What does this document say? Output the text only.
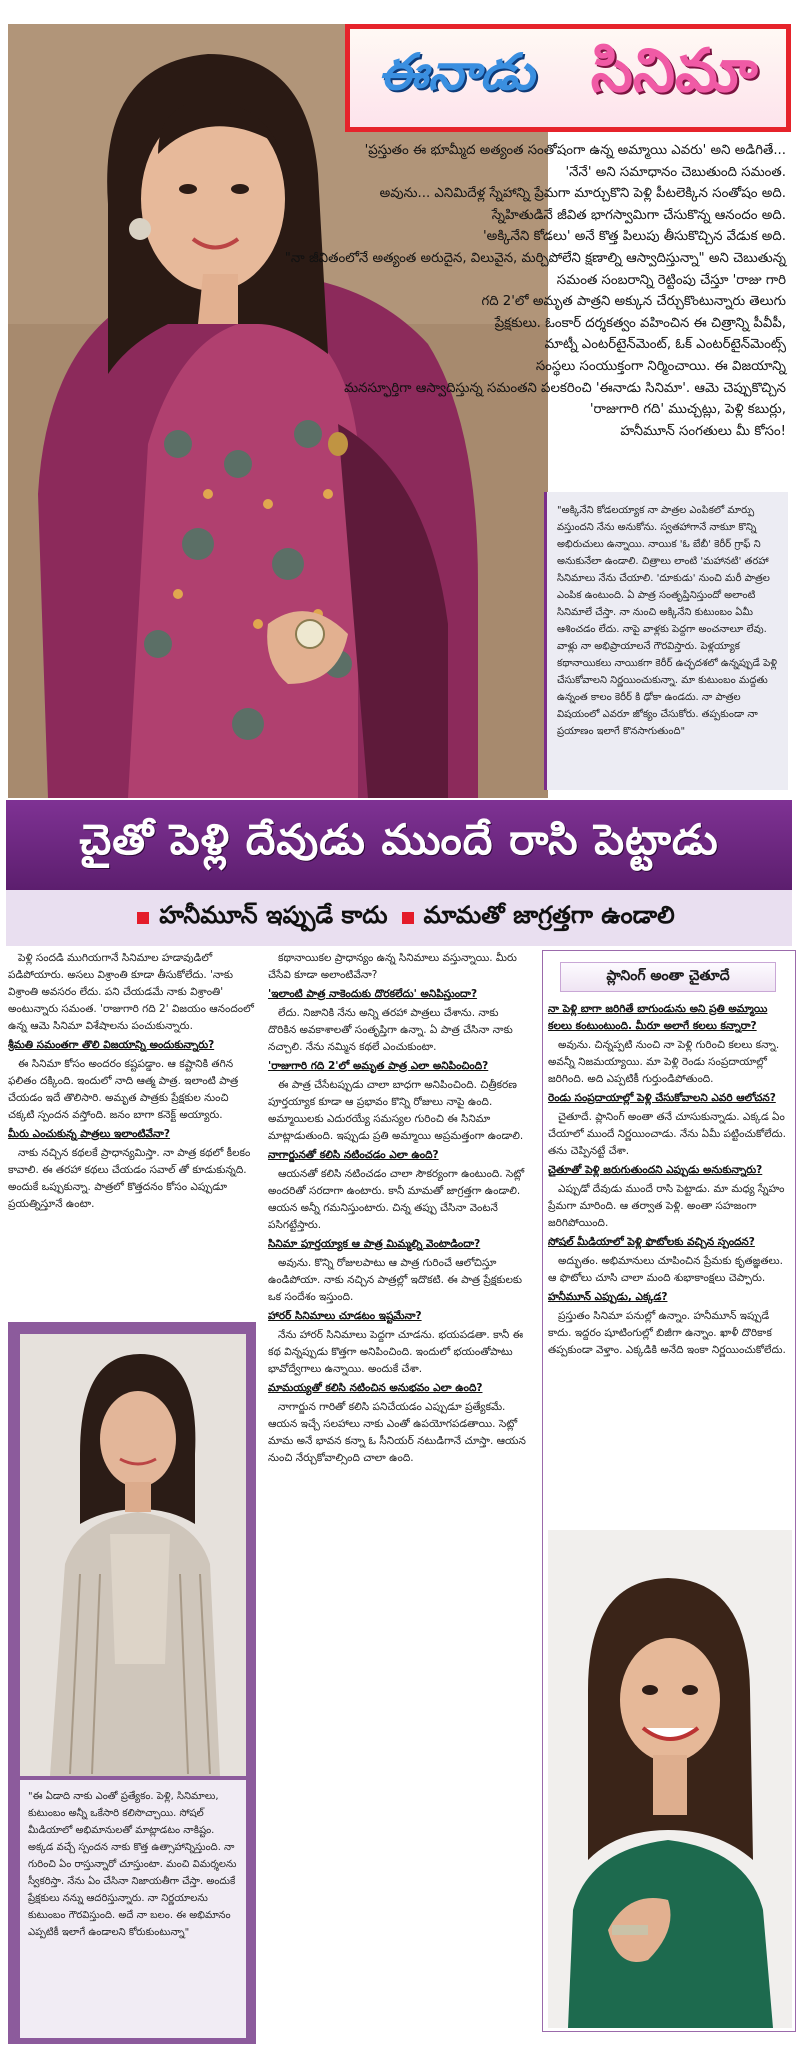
ఈనాడు సినిమా
'ప్రస్తుతం ఈ భూమ్మీద అత్యంత సంతోషంగా ఉన్న అమ్మాయి ఎవరు' అని అడిగితే...
'నేనే' అని సమాధానం చెబుతుంది సమంత.
అవును... ఎనిమిదేళ్ల స్నేహాన్ని ప్రేమగా మార్చుకొని పెళ్లి పీటలెక్కిన సంతోషం అది.
స్నేహితుడినే జీవిత భాగస్వామిగా చేసుకొన్న ఆనందం అది.
'అక్కినేని కోడలు' అనే కొత్త పిలుపు తీసుకొచ్చిన వేడుక అది.
"నా జీవితంలోనే అత్యంత అరుదైన, విలువైన, మర్చిపోలేని క్షణాల్ని ఆస్వాదిస్తున్నా" అని చెబుతున్న సమంత సంబరాన్ని రెట్టింపు చేస్తూ 'రాజు గారి
గది 2'లో అమృత పాత్రని అక్కున చేర్చుకొంటున్నారు తెలుగు
ప్రేక్షకులు. ఓంకార్ దర్శకత్వం వహించిన ఈ చిత్రాన్ని పీవీపీ,
మాట్నీ ఎంటర్‌టైన్‌మెంట్, ఓక్ ఎంటర్‌టైన్‌మెంట్స్
సంస్థలు సంయుక్తంగా నిర్మించాయి. ఈ విజయాన్ని
మనస్ఫూర్తిగా ఆస్వాదిస్తున్న సమంతని పలకరించి 'ఈనాడు సినిమా'. ఆమె చెప్పుకొచ్చిన
'రాజుగారి గది' ముచ్చట్లు, పెళ్లి కబుర్లు,
హనీమూన్ సంగతులు మీ కోసం!
"అక్కినేని కోడలయ్యాక నా పాత్రల ఎంపికలో మార్పు వస్తుందని నేను అనుకోను. స్వతహాగానే నాకుూ కొన్ని అభిరుచులు ఉన్నాయి. నాయిక 'ఓ బేబీ' కెరీర్ గ్రాఫ్ ని అనుకునేలా ఉండాలి. చిత్రాలు లాంటి 'మహానటి' తరహా సినిమాలు నేను చేయాలి. 'దూకుడు' నుంచి మరీ పాత్రల ఎంపిక ఉంటుంది. ఏ పాత్ర సంతృప్తినిస్తుందో అలాంటి సినిమాలే చేస్తా. నా నుంచి అక్కినేని కుటుంబం ఏమీ ఆశించడం లేదు. నాపై వాళ్లకు పెద్దగా అంచనాలూ లేవు. వాళ్లు నా అభిప్రాయాలనే గౌరవిస్తారు. పెళ్లయ్యాక కథానాయికలు నాయికగా కెరీర్ ఉచ్ఛదశలో ఉన్నప్పుడే పెళ్లి చేసుకోవాలని నిర్ణయించుకున్నా. మా కుటుంబం మద్దతు ఉన్నంత కాలం కెరీర్ కి ఢోకా ఉండదు. నా పాత్రల విషయంలో ఎవరూ జోక్యం చేసుకోరు. తప్పకుండా నా ప్రయాణం ఇలాగే కొనసాగుతుంది"
చైతో పెళ్లి దేవుడు ముందే రాసి పెట్టాడు
హనీమూన్ ఇప్పుడే కాదు మామతో జాగ్రత్తగా ఉండాలి

పెళ్లి సందడి ముగియగానే సినిమాల హడావుడిలో పడిపోయారు. అసలు విశ్రాంతి కూడా తీసుకోలేదు. 'నాకు విశ్రాంతి అవసరం లేదు. పని చేయడమే నాకు విశ్రాంతి' అంటున్నారు సమంత. 'రాజుగారి గది 2' విజయం ఆనందంలో ఉన్న ఆమె సినిమా విశేషాలను పంచుకున్నారు.

శ్రీమతి సమంతగా తొలి విజయాన్ని అందుకున్నారు?

ఈ సినిమా కోసం అందరం కష్టపడ్డాం. ఆ కష్టానికి తగిన ఫలితం దక్కింది. ఇందులో నాది ఆత్మ పాత్ర. ఇలాంటి పాత్ర చేయడం ఇదే తొలిసారి. అమృత పాత్రకు ప్రేక్షకుల నుంచి చక్కటి స్పందన వస్తోంది. జనం బాగా కనెక్ట్ అయ్యారు.

మీరు ఎంచుకున్న పాత్రలు ఇలాంటివేనా?

నాకు నచ్చిన కథలకే ప్రాధాన్యమిస్తా. నా పాత్ర కథలో కీలకం కావాలి. ఈ తరహా కథలు చేయడం సవాల్ తో కూడుకున్నది. అందుకే ఒప్పుకున్నా. పాత్రలో కొత్తదనం కోసం ఎప్పుడూ ప్రయత్నిస్తూనే ఉంటా.

"ఈ ఏడాది నాకు ఎంతో ప్రత్యేకం. పెళ్లి, సినిమాలు, కుటుంబం అన్నీ ఒకేసారి కలిసొచ్చాయి. సోషల్ మీడియాలో అభిమానులతో మాట్లాడటం నాకిష్టం. అక్కడ వచ్చే స్పందన నాకు కొత్త ఉత్సాహాన్నిస్తుంది. నా గురించి ఏం రాస్తున్నారో చూస్తుంటా. మంచి విమర్శలను స్వీకరిస్తా. నేను ఏం చేసినా నిజాయతీగా చేస్తా. అందుకే ప్రేక్షకులు నన్ను ఆదరిస్తున్నారు. నా నిర్ణయాలను కుటుంబం గౌరవిస్తుంది. అదే నా బలం. ఈ అభిమానం ఎప్పటికీ ఇలాగే ఉండాలని కోరుకుంటున్నా"

కథానాయికల ప్రాధాన్యం ఉన్న సినిమాలు వస్తున్నాయి. మీరు చేసేవి కూడా అలాంటివేనా?

'ఇలాంటి పాత్ర నాకెందుకు దొరకలేదు' అనిపిస్తుందా?

లేదు. నిజానికి నేను అన్ని తరహా పాత్రలు చేశాను. నాకు దొరికిన అవకాశాలతో సంతృప్తిగా ఉన్నా. ఏ పాత్ర చేసినా నాకు నచ్చాలి. నేను నమ్మిన కథలే ఎంచుకుంటా.

'రాజుగారి గది 2'లో అమృత పాత్ర ఎలా అనిపించింది?

ఈ పాత్ర చేసేటప్పుడు చాలా బాధగా అనిపించింది. చిత్రీకరణ పూర్తయ్యాక కూడా ఆ ప్రభావం కొన్ని రోజులు నాపై ఉంది. అమ్మాయిలకు ఎదురయ్యే సమస్యల గురించి ఈ సినిమా మాట్లాడుతుంది. ఇప్పుడు ప్రతి అమ్మాయి అప్రమత్తంగా ఉండాలి.

నాగార్జునతో కలిసి నటించడం ఎలా ఉంది?

ఆయనతో కలిసి నటించడం చాలా సౌకర్యంగా ఉంటుంది. సెట్లో అందరితో సరదాగా ఉంటారు. కానీ మామతో జాగ్రత్తగా ఉండాలి. ఆయన అన్నీ గమనిస్తుంటారు. చిన్న తప్పు చేసినా వెంటనే పసిగట్టేస్తారు.

సినిమా పూర్తయ్యాక ఆ పాత్ర మిమ్మల్ని వెంటాడిందా?

అవును. కొన్ని రోజులపాటు ఆ పాత్ర గురించే ఆలోచిస్తూ ఉండిపోయా. నాకు నచ్చిన పాత్రల్లో ఇదొకటి. ఈ పాత్ర ప్రేక్షకులకు ఒక సందేశం ఇస్తుంది.

హారర్ సినిమాలు చూడటం ఇష్టమేనా?

నేను హారర్ సినిమాలు పెద్దగా చూడను. భయపడతా. కానీ ఈ కథ విన్నప్పుడు కొత్తగా అనిపించింది. ఇందులో భయంతోపాటు భావోద్వేగాలు ఉన్నాయి. అందుకే చేశా.

మామయ్యతో కలిసి నటించిన అనుభవం ఎలా ఉంది?

నాగార్జున గారితో కలిసి పనిచేయడం ఎప్పుడూ ప్రత్యేకమే. ఆయన ఇచ్చే సలహాలు నాకు ఎంతో ఉపయోగపడతాయి. సెట్లో మామ అనే భావన కన్నా ఓ సీనియర్ నటుడిగానే చూస్తా. ఆయన నుంచి నేర్చుకోవాల్సింది చాలా ఉంది.

ప్లానింగ్ అంతా చైతూదే

నా పెళ్లి బాగా జరిగితే బాగుండును అని ప్రతి అమ్మాయి కలలు కంటుంటుంది. మీరూ అలాగే కలలు కన్నారా?

అవును. చిన్నప్పటి నుంచి నా పెళ్లి గురించి కలలు కన్నా. అవన్నీ నిజమయ్యాయి. మా పెళ్లి రెండు సంప్రదాయాల్లో జరిగింది. అది ఎప్పటికీ గుర్తుండిపోతుంది.

రెండు సంప్రదాయాల్లో పెళ్లి చేసుకోవాలని ఎవరి ఆలోచన?

చైతూదే. ప్లానింగ్ అంతా తనే చూసుకున్నాడు. ఎక్కడ ఏం చేయాలో ముందే నిర్ణయించాడు. నేను ఏమీ పట్టించుకోలేదు. తను చెప్పినట్టే చేశా.

చైతూతో పెళ్లి జరుగుతుందని ఎప్పుడు అనుకున్నారు?

ఎప్పుడో దేవుడు ముందే రాసి పెట్టాడు. మా మధ్య స్నేహం ప్రేమగా మారింది. ఆ తర్వాత పెళ్లి. అంతా సహజంగా జరిగిపోయింది.

సోషల్ మీడియాలో పెళ్లి ఫొటోలకు వచ్చిన స్పందన?

అద్భుతం. అభిమానులు చూపించిన ప్రేమకు కృతజ్ఞతలు. ఆ ఫొటోలు చూసి చాలా మంది శుభాకాంక్షలు చెప్పారు.

హనీమూన్ ఎప్పుడు, ఎక్కడ?

ప్రస్తుతం సినిమా పనుల్లో ఉన్నాం. హనీమూన్ ఇప్పుడే కాదు. ఇద్దరం షూటింగుల్లో బిజీగా ఉన్నాం. ఖాళీ దొరికాక తప్పకుండా వెళ్తాం. ఎక్కడికి అనేది ఇంకా నిర్ణయించుకోలేదు.
